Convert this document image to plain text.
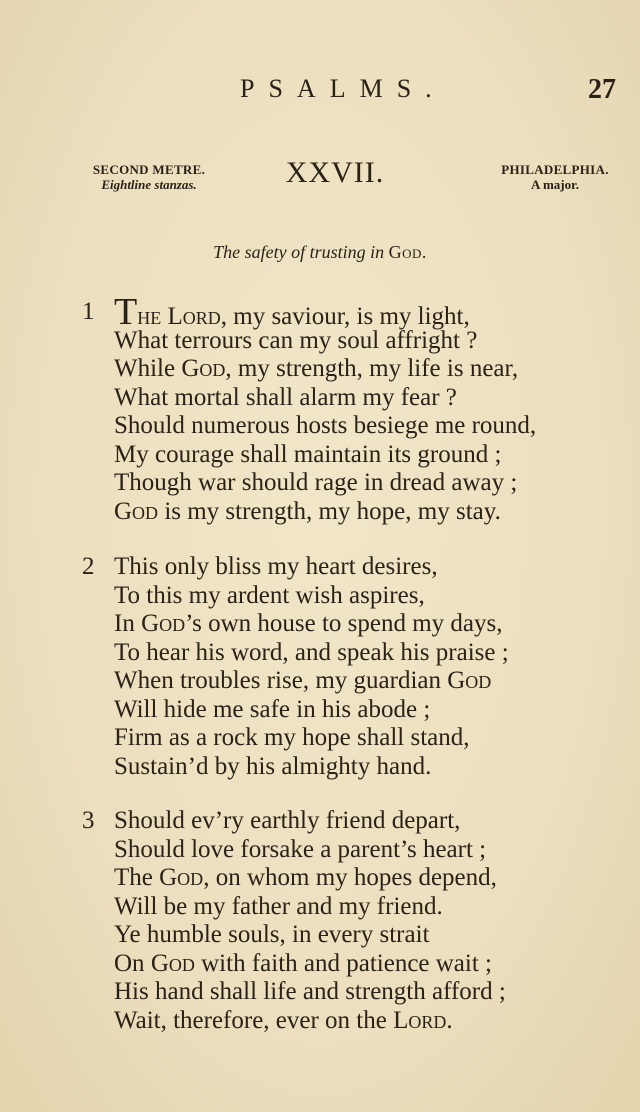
PSALMS.	27
SECOND METRE.
Eightline stanzas.	XXVII.	PHILADELPHIA.
A major.
The safety of trusting in God.
1 The Lord, my saviour, is my light,
What terrours can my soul affright ?
While God, my strength, my life is near,
What mortal shall alarm my fear ?
Should numerous hosts besiege me round,
My courage shall maintain its ground ;
Though war should rage in dread away ;
God is my strength, my hope, my stay.
2 This only bliss my heart desires,
To this my ardent wish aspires,
In God’s own house to spend my days,
To hear his word, and speak his praise ;
When troubles rise, my guardian God
Will hide me safe in his abode ;
Firm as a rock my hope shall stand,
Sustain’d by his almighty hand.
3 Should ev’ry earthly friend depart,
Should love forsake a parent’s heart ;
The God, on whom my hopes depend,
Will be my father and my friend.
Ye humble souls, in every strait
On God with faith and patience wait ;
His hand shall life and strength afford ;
Wait, therefore, ever on the Lord.
